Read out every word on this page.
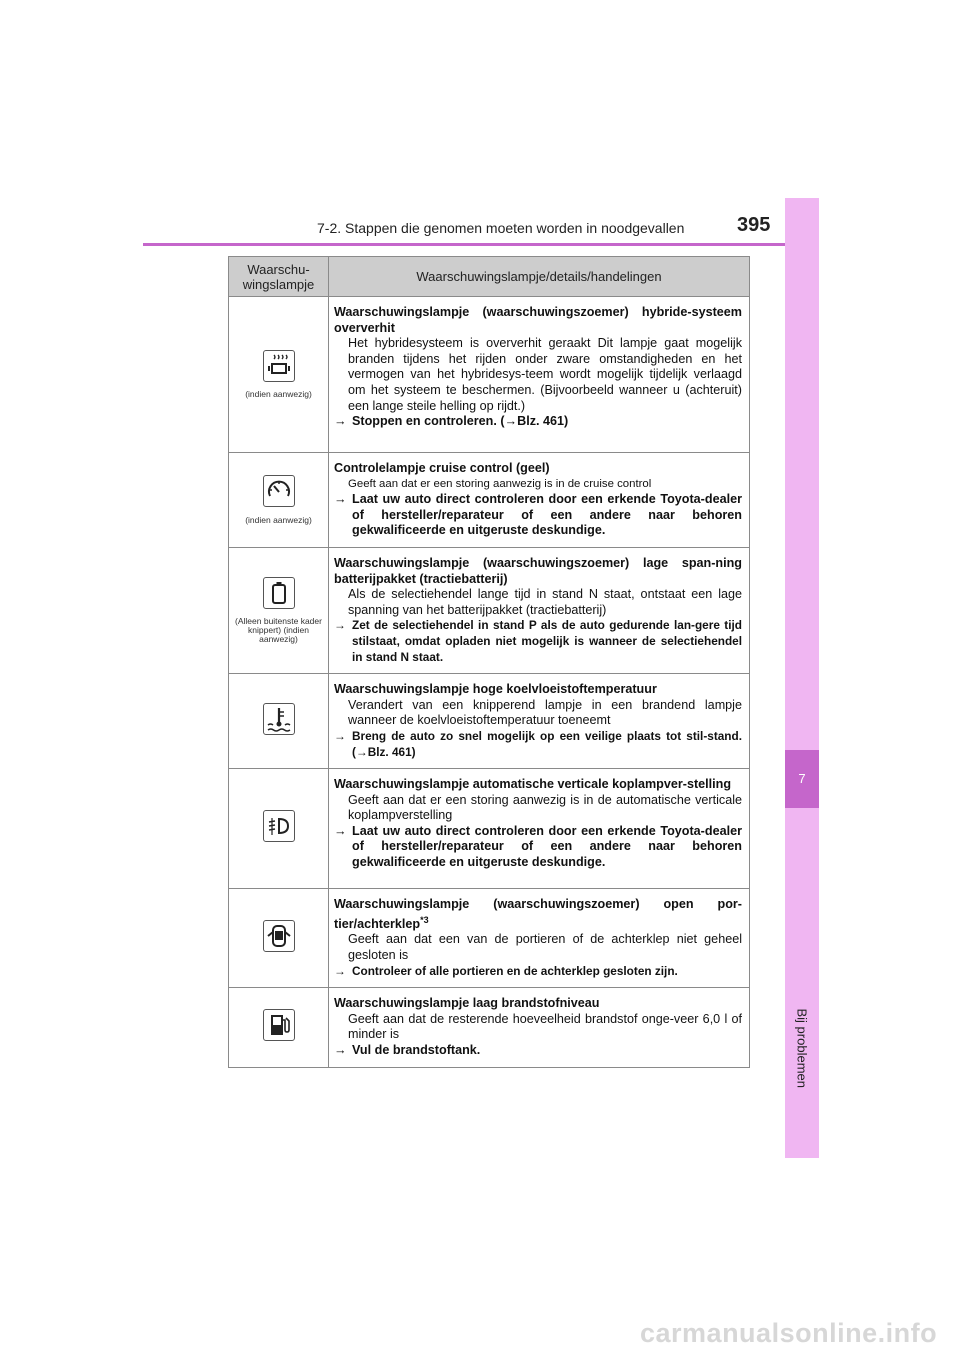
7-2. Stappen die genomen moeten worden in noodgevallen	395
7
Bij problemen
Waarschu-
wingslampje	Waarschuwingslampje/details/handelingen

(indien aanwezig)	Waarschuwingslampje (waarschuwingszoemer) hybride-systeem oververhit
Het hybridesysteem is oververhit geraakt Dit lampje gaat mogelijk branden tijdens het rijden onder zware omstandigheden en het vermogen van het hybridesys-teem wordt mogelijk tijdelijk verlaagd om het systeem te beschermen. (Bijvoorbeeld wanneer u (achteruit) een lange steile helling op rijdt.)
→ Stoppen en controleren. (→Blz. 461)

(indien aanwezig)	Controlelampje cruise control (geel)
Geeft aan dat er een storing aanwezig is in de cruise control
→ Laat uw auto direct controleren door een erkende Toyota-dealer of hersteller/reparateur of een andere naar behoren gekwalificeerde en uitgeruste deskundige.

(Alleen buitenste kader knippert) (indien aanwezig)	Waarschuwingslampje (waarschuwingszoemer) lage span-ning batterijpakket (tractiebatterij)
Als de selectiehendel lange tijd in stand N staat, ontstaat een lage spanning van het batterijpakket (tractiebatterij)
→ Zet de selectiehendel in stand P als de auto gedurende lan-gere tijd stilstaat, omdat opladen niet mogelijk is wanneer de selectiehendel in stand N staat.

Waarschuwingslampje hoge koelvloeistoftemperatuur
Verandert van een knipperend lampje in een brandend lampje wanneer de koelvloeistoftemperatuur toeneemt
→ Breng de auto zo snel mogelijk op een veilige plaats tot stil-stand. (→Blz. 461)

Waarschuwingslampje automatische verticale koplampver-stelling
Geeft aan dat er een storing aanwezig is in de automatische verticale koplampverstelling
→ Laat uw auto direct controleren door een erkende Toyota-dealer of hersteller/reparateur of een andere naar behoren gekwalificeerde en uitgeruste deskundige.

Waarschuwingslampje (waarschuwingszoemer) open por-tier/achterklep$^{*3}$
Geeft aan dat een van de portieren of de achterklep niet geheel gesloten is
→ Controleer of alle portieren en de achterklep gesloten zijn.

Waarschuwingslampje laag brandstofniveau
Geeft aan dat de resterende hoeveelheid brandstof onge-veer 6,0 l of minder is
→ Vul de brandstoftank.
carmanualsonline.info
